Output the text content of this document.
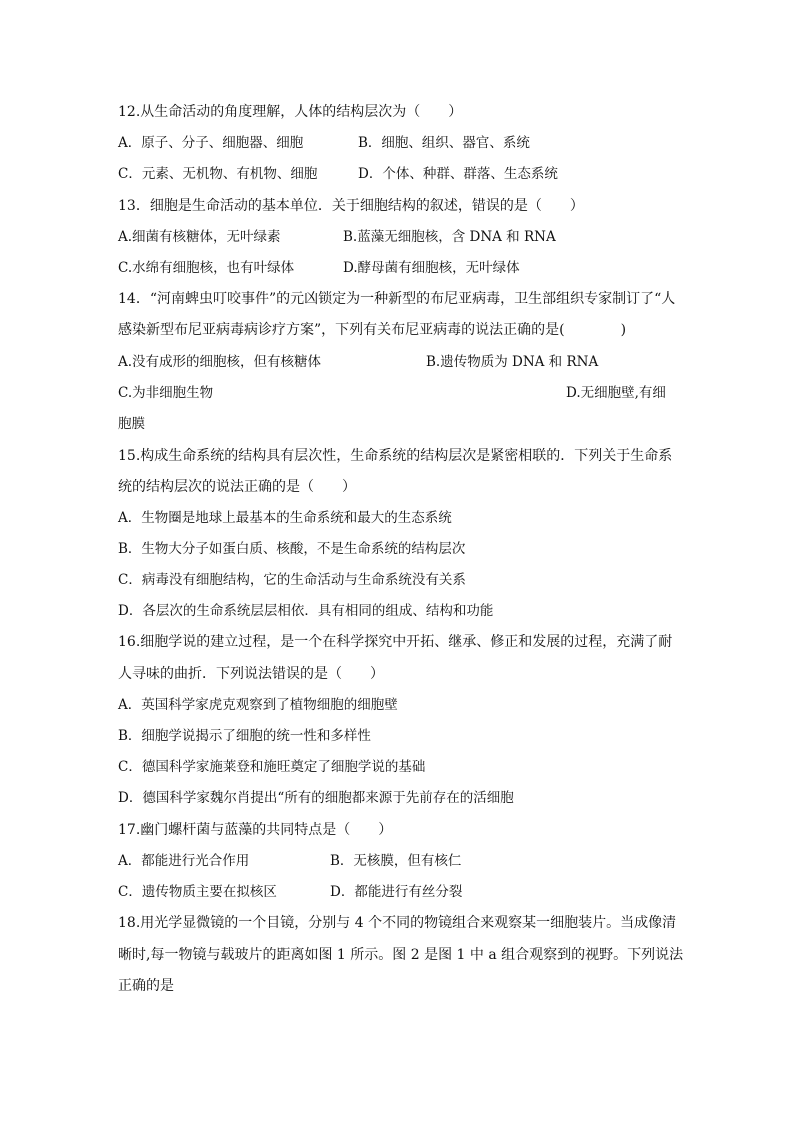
12.从生命活动的角度理解，人体的结构层次为（　　）
A．原子、分子、细胞器、细胞	B．细胞、组织、器官、系统
C．元素、无机物、有机物、细胞	D．个体、种群、群落、生态系统
13．细胞是生命活动的基本单位．关于细胞结构的叙述，错误的是（　　）
A.细菌有核糖体，无叶绿素	B.蓝藻无细胞核，含 DNA 和 RNA
C.水绵有细胞核，也有叶绿体	D.酵母菌有细胞核，无叶绿体
14．“河南蜱虫叮咬事件”的元凶锁定为一种新型的布尼亚病毒，卫生部组织专家制订了“人
感染新型布尼亚病毒病诊疗方案”，下列有关布尼亚病毒的说法正确的是(　　　　)
A.没有成形的细胞核，但有核糖体	B.遗传物质为 DNA 和 RNA
C.为非细胞生物	D.无细胞壁,有细
胞膜
15.构成生命系统的结构具有层次性，生命系统的结构层次是紧密相联的．下列关于生命系
统的结构层次的说法正确的是（　　）
A．生物圈是地球上最基本的生命系统和最大的生态系统
B．生物大分子如蛋白质、核酸，不是生命系统的结构层次
C．病毒没有细胞结构，它的生命活动与生命系统没有关系
D．各层次的生命系统层层相依．具有相同的组成、结构和功能
16.细胞学说的建立过程，是一个在科学探究中开拓、继承、修正和发展的过程，充满了耐
人寻味的曲折．下列说法错误的是（　　）
A．英国科学家虎克观察到了植物细胞的细胞壁
B．细胞学说揭示了细胞的统一性和多样性
C．德国科学家施莱登和施旺奠定了细胞学说的基础
D．德国科学家魏尔肖提出“所有的细胞都来源于先前存在的活细胞
17.幽门螺杆菌与蓝藻的共同特点是（　　）
A．都能进行光合作用	B．无核膜，但有核仁
C．遗传物质主要在拟核区	D．都能进行有丝分裂
18.用光学显微镜的一个目镜，分别与 4 个不同的物镜组合来观察某一细胞装片。当成像清
晰时,每一物镜与载玻片的距离如图 1 所示。图 2 是图 1 中 a 组合观察到的视野。下列说法
正确的是
